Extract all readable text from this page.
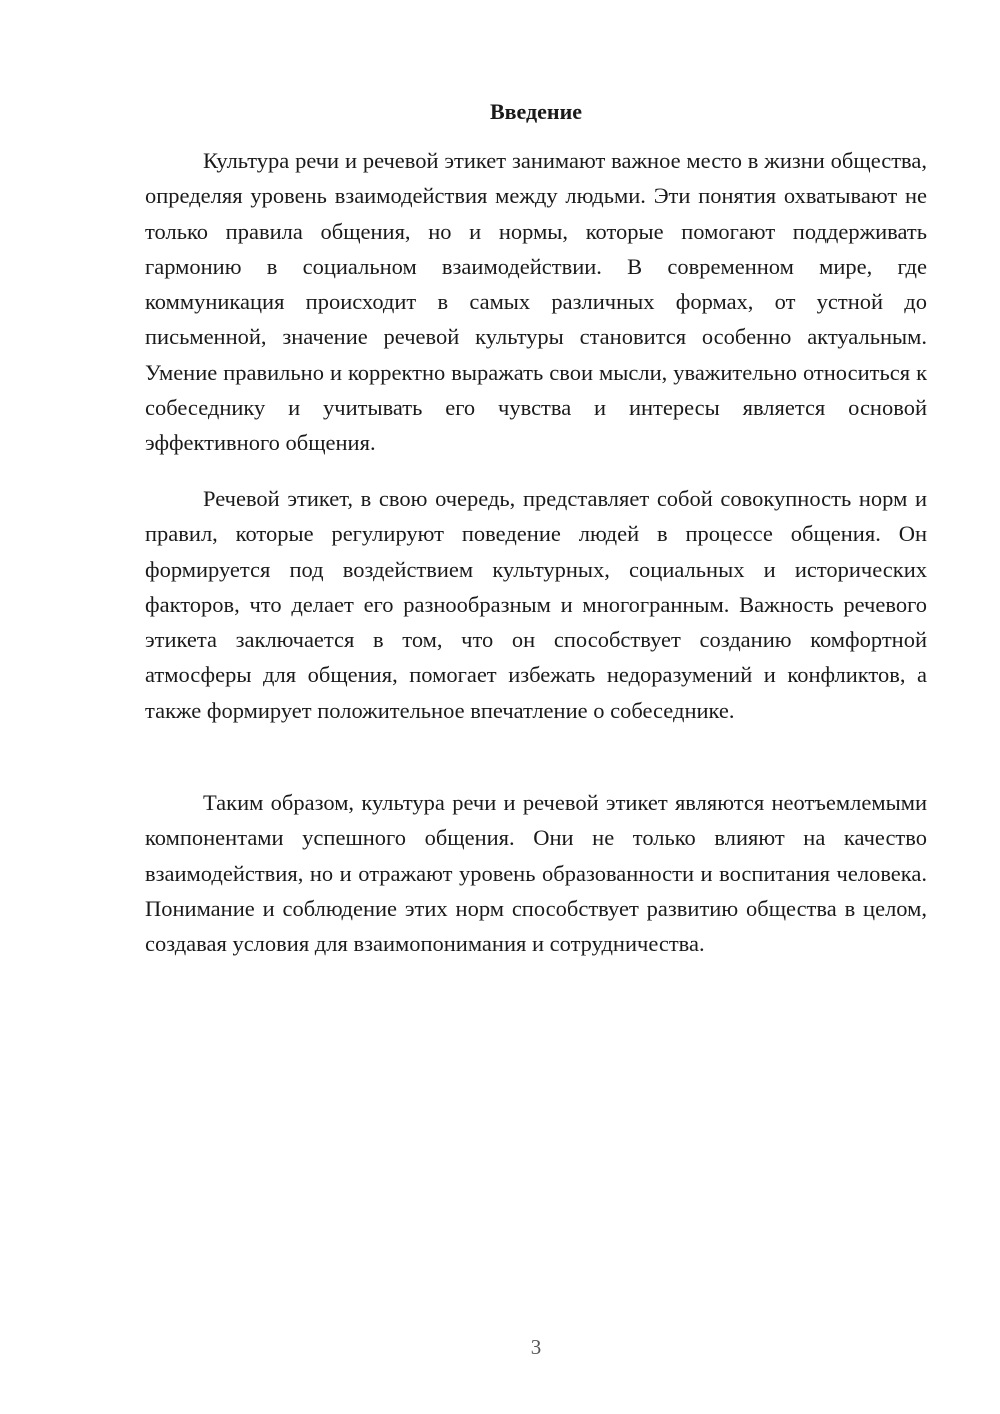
Введение

Культура речи и речевой этикет занимают важное место в жизни общества, определяя уровень взаимодействия между людьми. Эти понятия охватывают не только правила общения, но и нормы, которые помогают поддерживать гармонию в социальном взаимодействии. В современном мире, где коммуникация происходит в самых различных формах, от устной до письменной, значение речевой культуры становится особенно актуальным. Умение правильно и корректно выражать свои мысли, уважительно относиться к собеседнику и учитывать его чувства и интересы является основой эффективного общения.

Речевой этикет, в свою очередь, представляет собой совокупность норм и правил, которые регулируют поведение людей в процессе общения. Он формируется под воздействием культурных, социальных и исторических факторов, что делает его разнообразным и многогранным. Важность речевого этикета заключается в том, что он способствует созданию комфортной атмосферы для общения, помогает избежать недоразумений и конфликтов, а также формирует положительное впечатление о собеседнике.

Таким образом, культура речи и речевой этикет являются неотъемлемыми компонентами успешного общения. Они не только влияют на качество взаимодействия, но и отражают уровень образованности и воспитания человека. Понимание и соблюдение этих норм способствует развитию общества в целом, создавая условия для взаимопонимания и сотрудничества.

3
